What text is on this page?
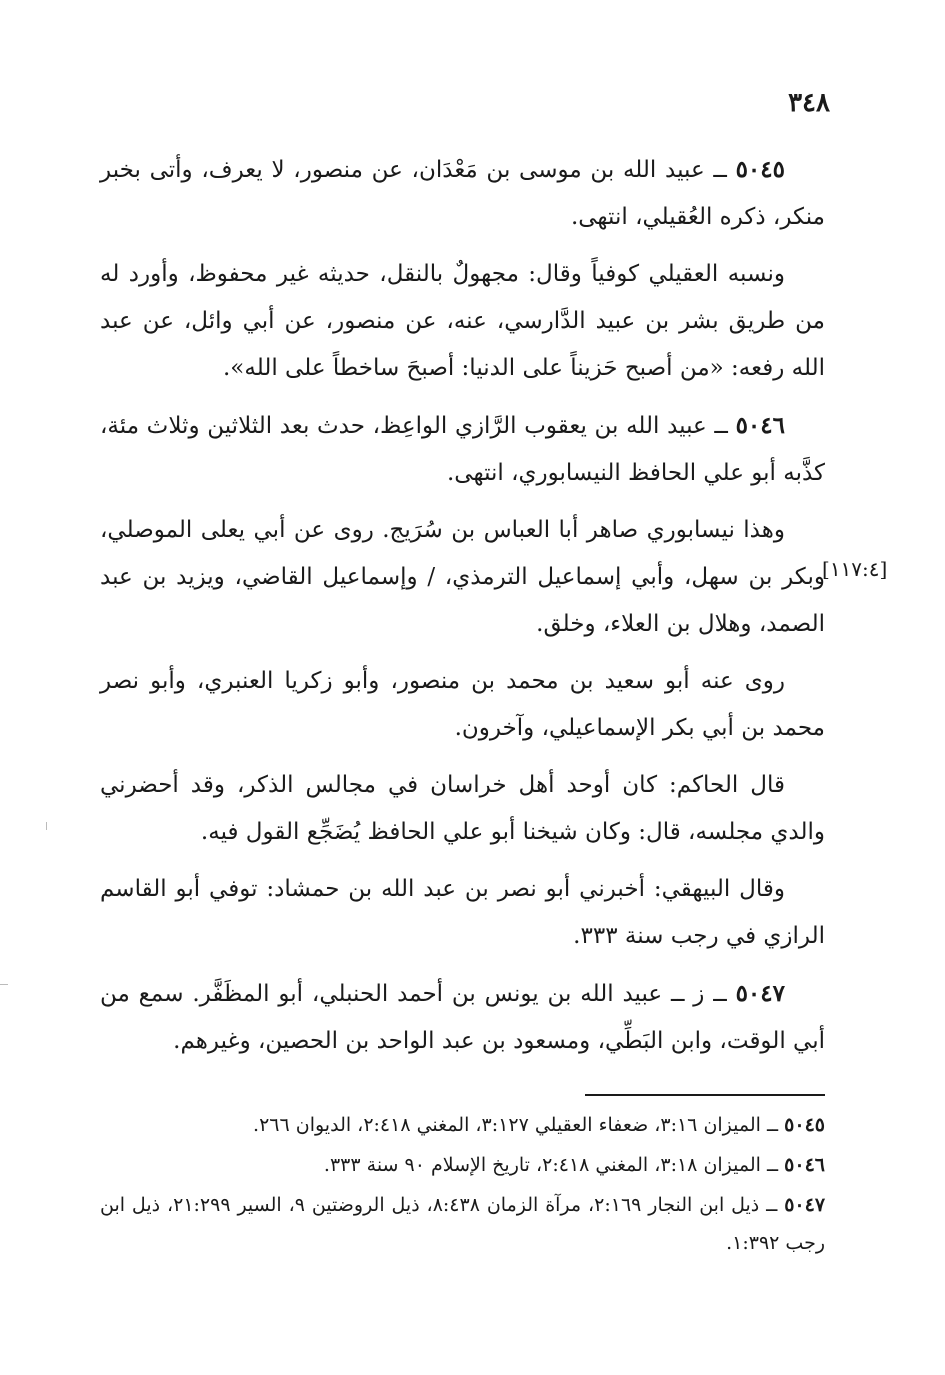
٣٤٨
[١١٧:٤]

٥٠٤٥ ــ عبيد الله بن موسى بن مَعْدَان، عن منصور، لا يعرف، وأتى بخبر منكر، ذكره العُقيلي، انتهى.

ونسبه العقيلي كوفياً وقال: مجهولٌ بالنقل، حديثه غير محفوظ، وأورد له من طريق بشر بن عبيد الدَّارسي، عنه، عن منصور، عن أبي وائل، عن عبد الله رفعه: «من أصبح حَزيناً على الدنيا: أصبحَ ساخطاً على الله».

٥٠٤٦ ــ عبيد الله بن يعقوب الرَّازي الواعِظ، حدث بعد الثلاثين وثلاث مئة، كذَّبه أبو علي الحافظ النيسابوري، انتهى.

وهذا نيسابوري صاهر أبا العباس بن سُرَيج. روى عن أبي يعلى الموصلي، وبكر بن سهل، وأبي إسماعيل الترمذي، / وإسماعيل القاضي، ويزيد بن عبد الصمد، وهلال بن العلاء، وخلق.

روى عنه أبو سعيد بن محمد بن منصور، وأبو زكريا العنبري، وأبو نصر محمد بن أبي بكر الإسماعيلي، وآخرون.

قال الحاكم: كان أوحد أهل خراسان في مجالس الذكر، وقد أحضرني والدي مجلسه، قال: وكان شيخنا أبو علي الحافظ يُضَجِّع القول فيه.

وقال البيهقي: أخبرني أبو نصر بن عبد الله بن حمشاد: توفي أبو القاسم الرازي في رجب سنة ٣٣٣.

٥٠٤٧ ــ ز ــ عبيد الله بن يونس بن أحمد الحنبلي، أبو المظَفَّر. سمع من أبي الوقت، وابن البَطِّي، ومسعود بن عبد الواحد بن الحصين، وغيرهم.

٥٠٤٥ ــ الميزان ٣:١٦، ضعفاء العقيلي ٣:١٢٧، المغني ٢:٤١٨، الديوان ٢٦٦.

٥٠٤٦ ــ الميزان ٣:١٨، المغني ٢:٤١٨، تاريخ الإسلام ٩٠ سنة ٣٣٣.

٥٠٤٧ ــ ذيل ابن النجار ٢:١٦٩، مرآة الزمان ٨:٤٣٨، ذيل الروضتين ٩، السير ٢١:٢٩٩، ذيل ابن رجب ١:٣٩٢.
